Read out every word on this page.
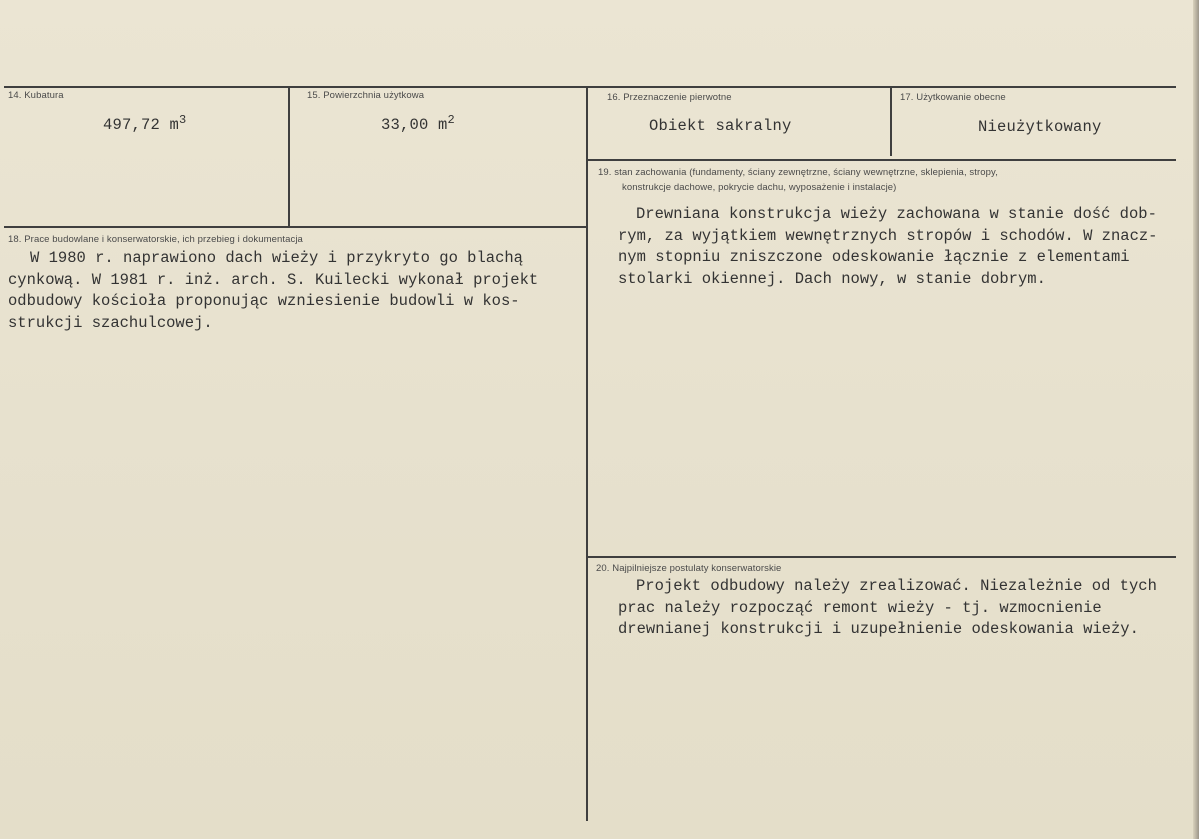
14. Kubatura
497,72 $m^3$
15. Powierzchnia użytkowa
33,00 $m^2$
16. Przeznaczenie pierwotne
Obiekt sakralny
17. Użytkowanie obecne
Nieużytkowany
18. Prace budowlane i konserwatorskie, ich przebieg i dokumentacja
W 1980 r. naprawiono dach wieży i przykryto go blachą
cynkową. W 1981 r. inż. arch. S. Kuilecki wykonał projekt
odbudowy kościoła proponując wzniesienie budowli w kos-
strukcji szachulcowej.
19. stan zachowania (fundamenty, ściany zewnętrzne, ściany wewnętrzne, sklepienia, stropy,
konstrukcje dachowe, pokrycie dachu, wyposażenie i instalacje)
Drewniana konstrukcja wieży zachowana w stanie dość dob-
rym, za wyjątkiem wewnętrznych stropów i schodów. W znacz-
nym stopniu zniszczone odeskowanie łącznie z elementami
stolarki okiennej. Dach nowy, w stanie dobrym.
20. Najpilniejsze postulaty konserwatorskie
Projekt odbudowy należy zrealizować. Niezależnie od tych
prac należy rozpocząć remont wieży - tj. wzmocnienie
drewnianej konstrukcji i uzupełnienie odeskowania wieży.
